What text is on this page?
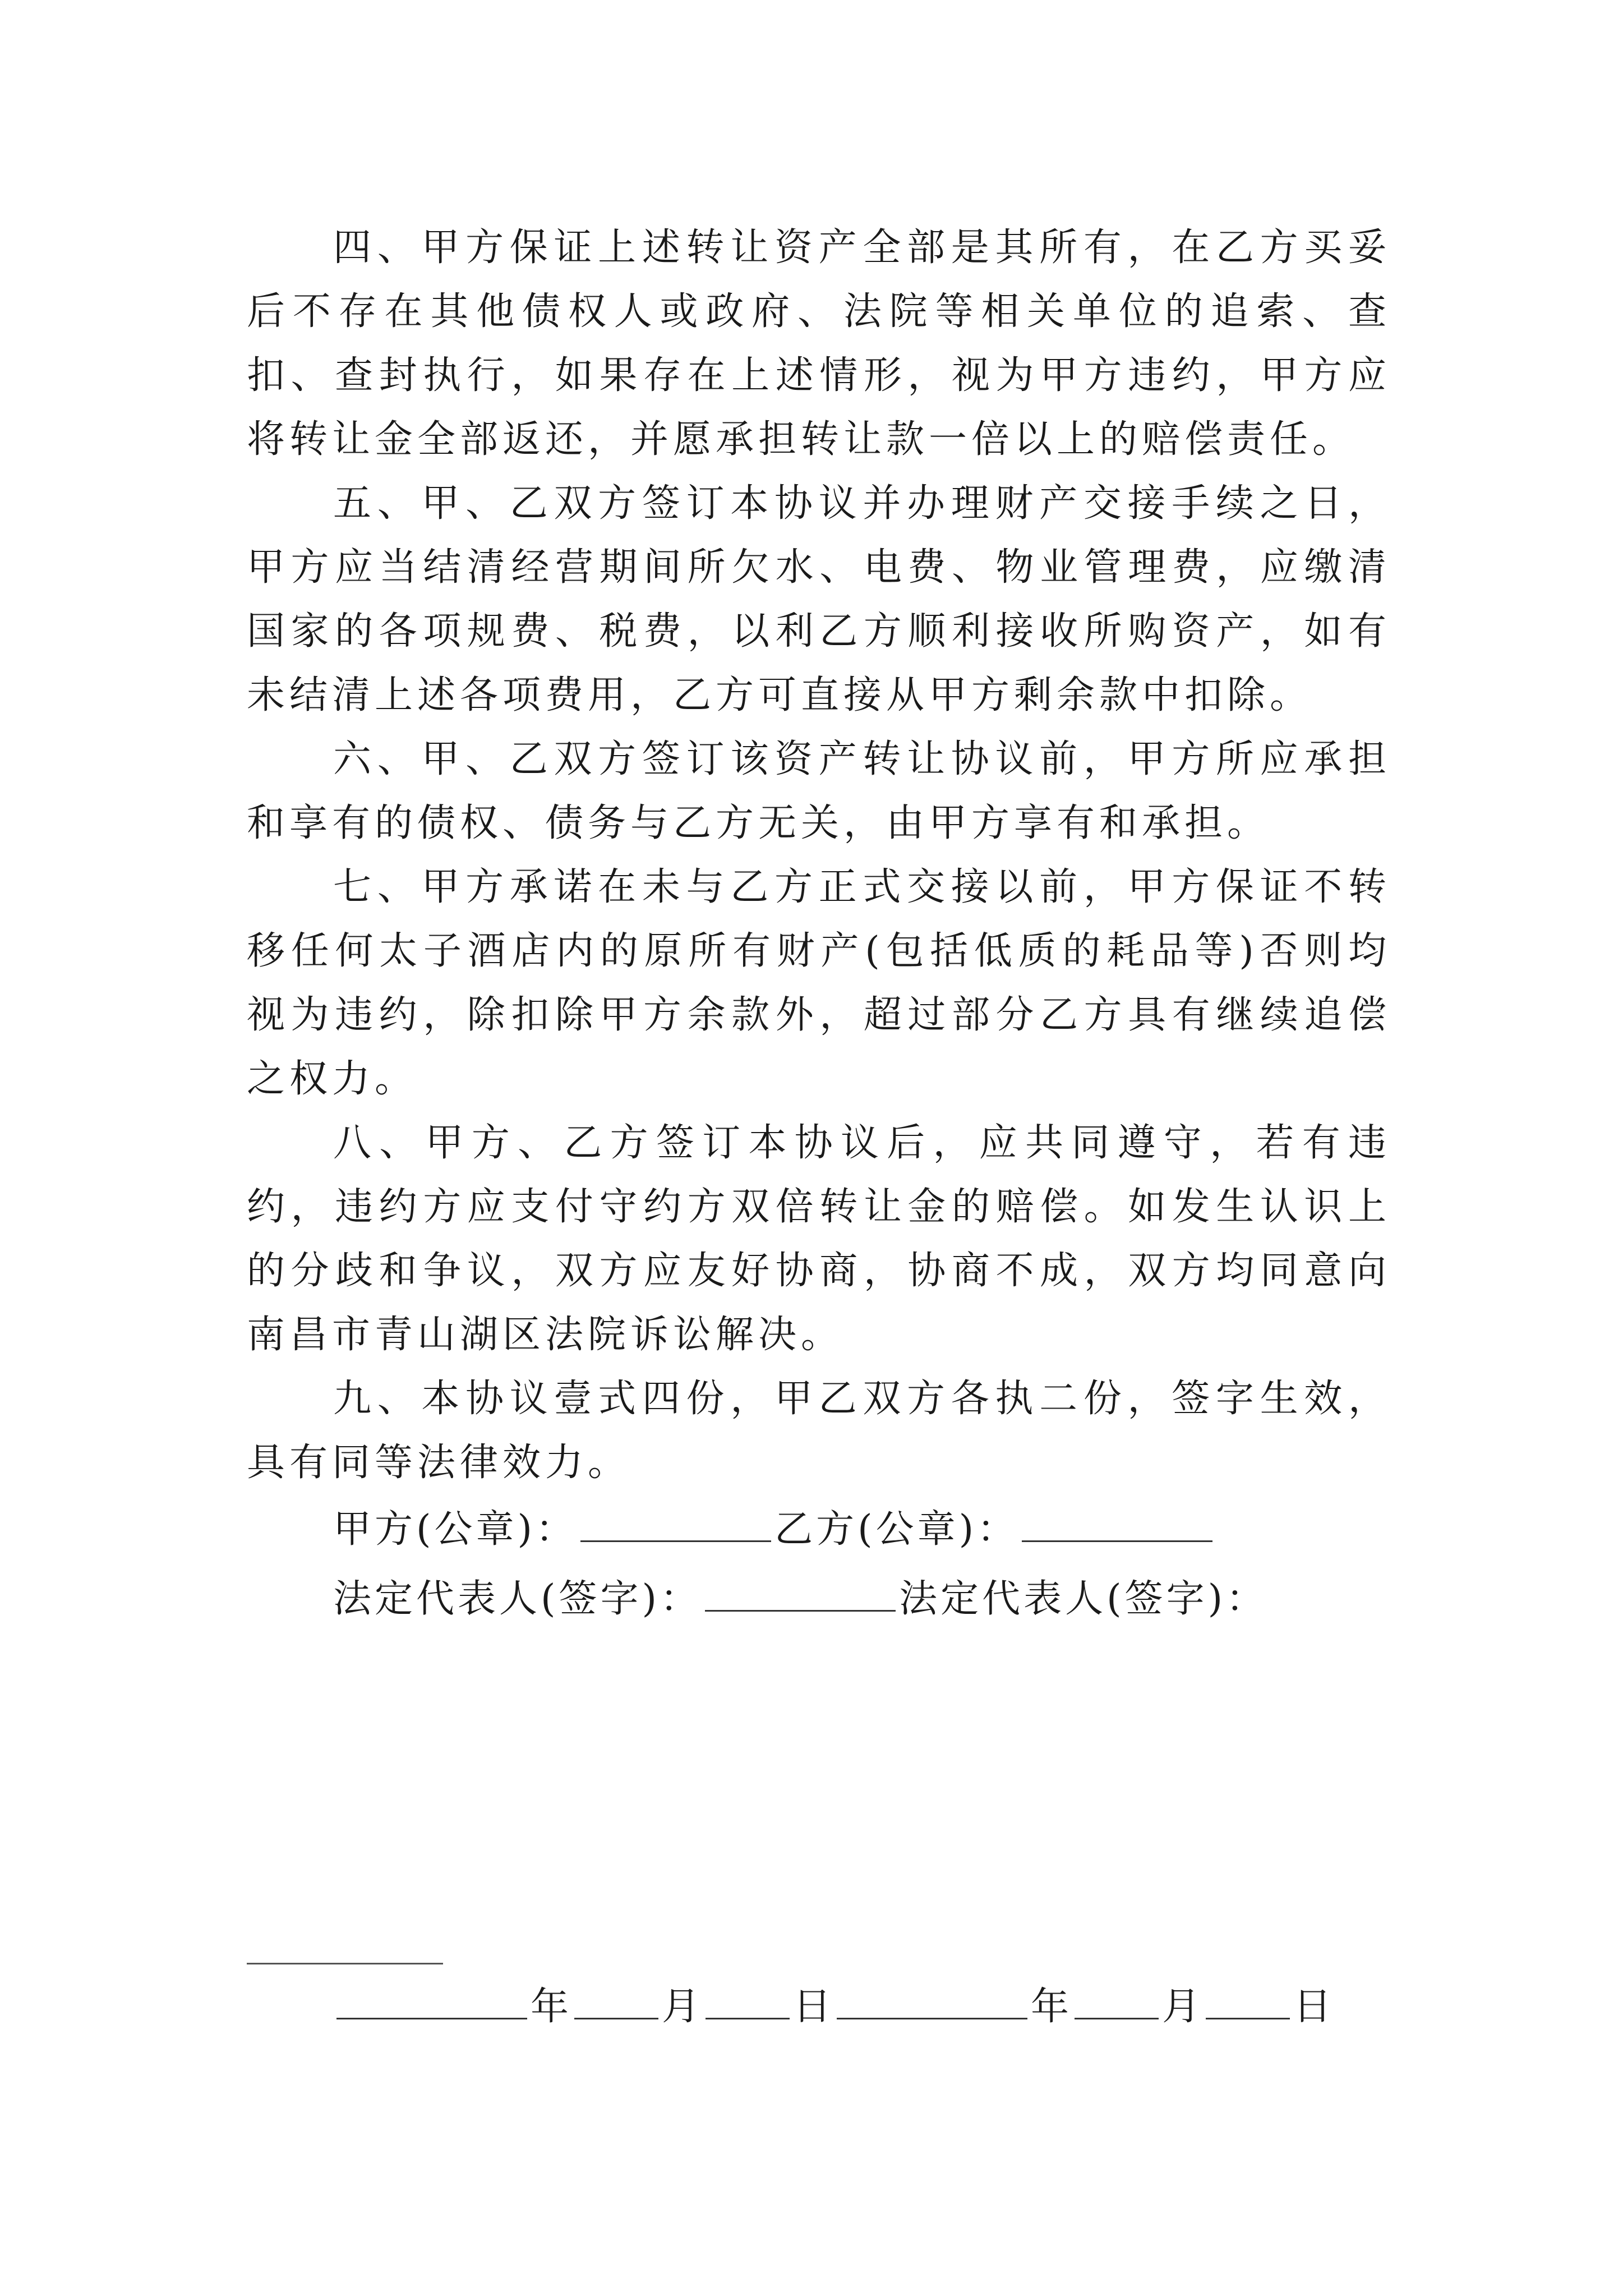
四、甲方保证上述转让资产全部是其所有，在乙方买妥后不存在其他债权人或政府、法院等相关单位的追索、查扣、查封执行，如果存在上述情形，视为甲方违约，甲方应将转让金全部返还，并愿承担转让款一倍以上的赔偿责任。

五、甲、乙双方签订本协议并办理财产交接手续之日，甲方应当结清经营期间所欠水、电费、物业管理费，应缴清国家的各项规费、税费，以利乙方顺利接收所购资产，如有未结清上述各项费用，乙方可直接从甲方剩余款中扣除。

六、甲、乙双方签订该资产转让协议前，甲方所应承担和享有的债权、债务与乙方无关，由甲方享有和承担。

七、甲方承诺在未与乙方正式交接以前，甲方保证不转移任何太子酒店内的原所有财产(包括低质的耗品等)否则均视为违约，除扣除甲方余款外，超过部分乙方具有继续追偿之权力。

八、甲方、乙方签订本协议后，应共同遵守，若有违约，违约方应支付守约方双倍转让金的赔偿。如发生认识上的分歧和争议，双方应友好协商，协商不成，双方均同意向南昌市青山湖区法院诉讼解决。

九、本协议壹式四份，甲乙双方各执二份，签字生效，具有同等法律效力。

甲方(公章)：	乙方(公章)：
法定代表人(签字)：	法定代表人(签字)：
年 月 日	年 月 日
